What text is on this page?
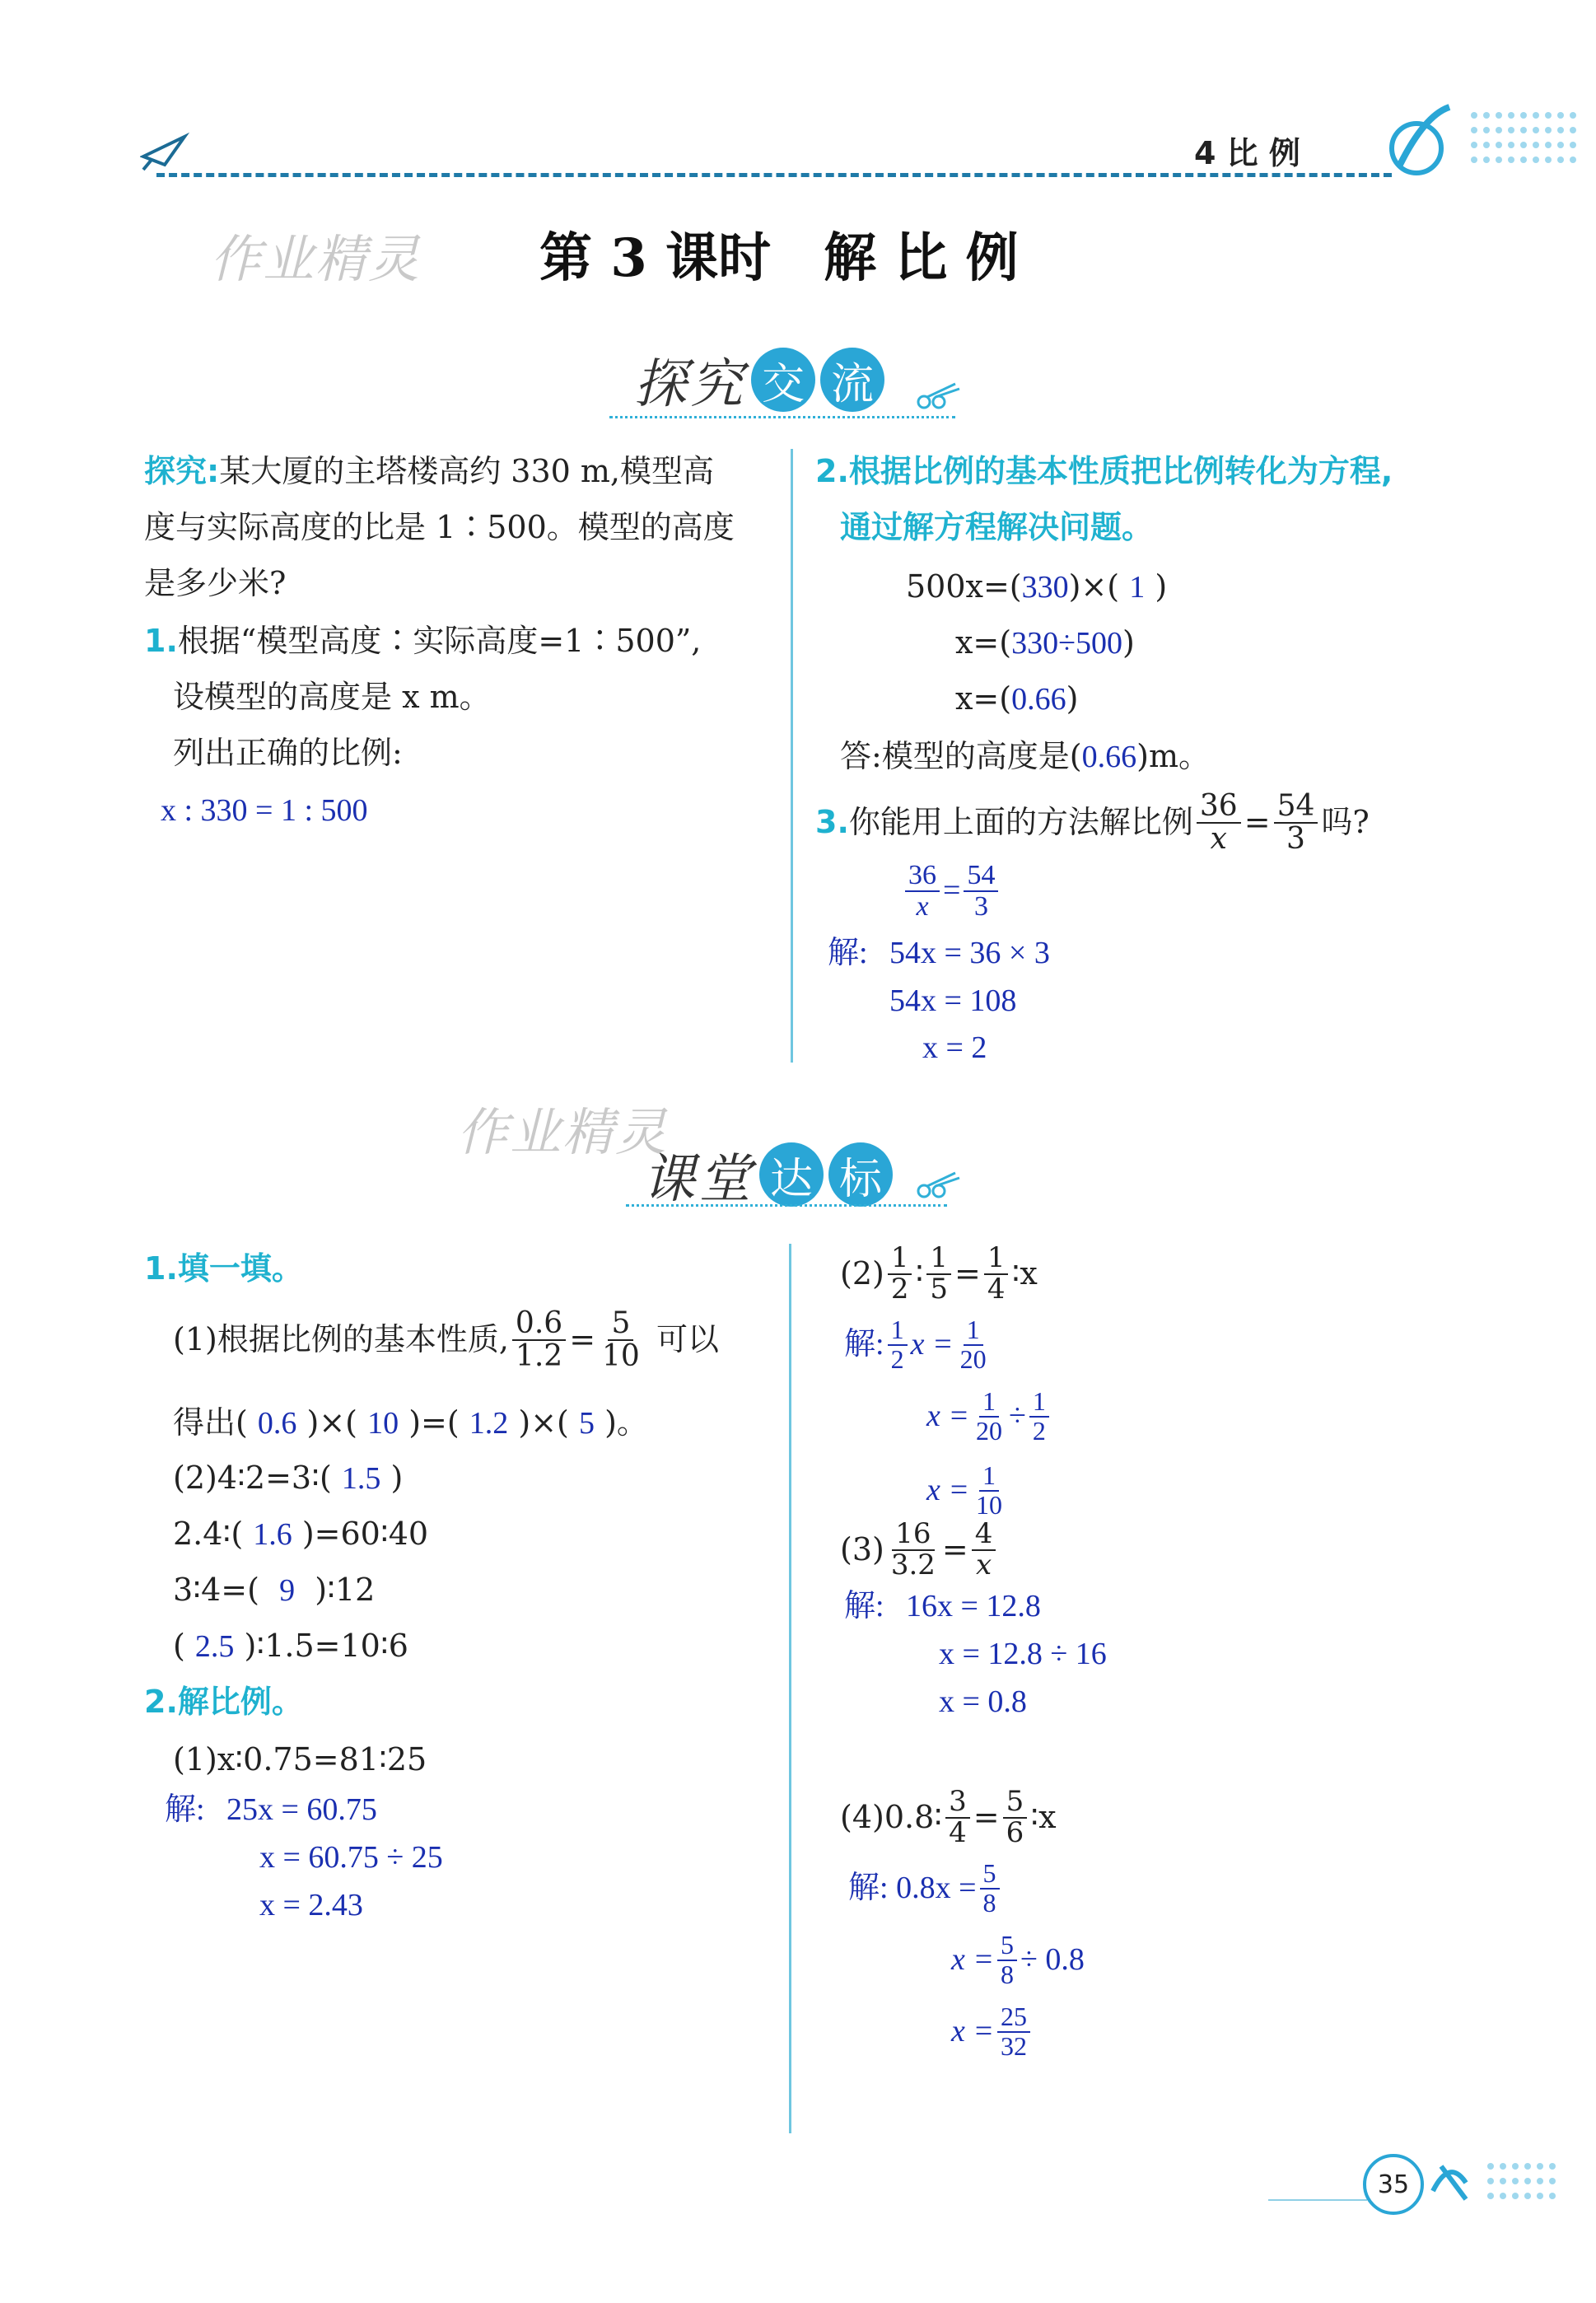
4 比 例
作业精灵 第 3 课时　解 比 例
探究 交 流
探究:某大厦的主塔楼高约 330 m,模型高
度与实际高度的比是 1∶500。模型的高度
是多少米?
1.根据“模型高度∶实际高度=1∶500”,
设模型的高度是 x m。
列出正确的比例:
x : 330 = 1 : 500
2.根据比例的基本性质把比例转化为方程,
通过解方程解决问题。
500x=(330)×( 1 )
x=(330÷500)
x=(0.66)
答:模型的高度是(0.66)m。
3. 你能用上面的方法解比例 $\frac{36}{x} = \frac{54}{3}$ 吗?
$\frac{36}{x} = \frac{54}{3}$
解: 54x = 36 × 3
54x = 108
x = 2
作业精灵
课堂 达 标
1.填一填。
(1)根据比例的基本性质, $\frac{0.6}{1.2} = \frac{5}{10}$
可以
得出( 0.6 )×( 10 )=( 1.2 )×( 5 )。
(2)4∶2=3∶( 1.5 )
2.4∶( 1.6 )=60∶40
3∶4=( 9 )∶12
( 2.5 )∶1.5=10∶6
2.解比例。
(1)x∶0.75=81∶25
解: 25x = 60.75
x = 60.75 ÷ 25
x = 2.43
$(2) \frac{1}{2}$ ∶ $\frac{1}{5} = \frac{1}{4}$ ∶x
解: $\frac{1}{2}$ $x = \frac{1}{20}$
$x = \frac{1}{20} \div \frac{1}{2}$
$x = \frac{1}{10}$
$(3) \frac{16}{3.2} = \frac{4}{x}$
解: 16x = 12.8
x = 12.8 ÷ 16
x = 0.8
(4)0.8∶ $\frac{3}{4} = \frac{5}{6}$ ∶x
解:
$0.8x = \frac{5}{8}$
$x = \frac{5}{8} \div 0.8$
$x = \frac{25}{32}$
35
